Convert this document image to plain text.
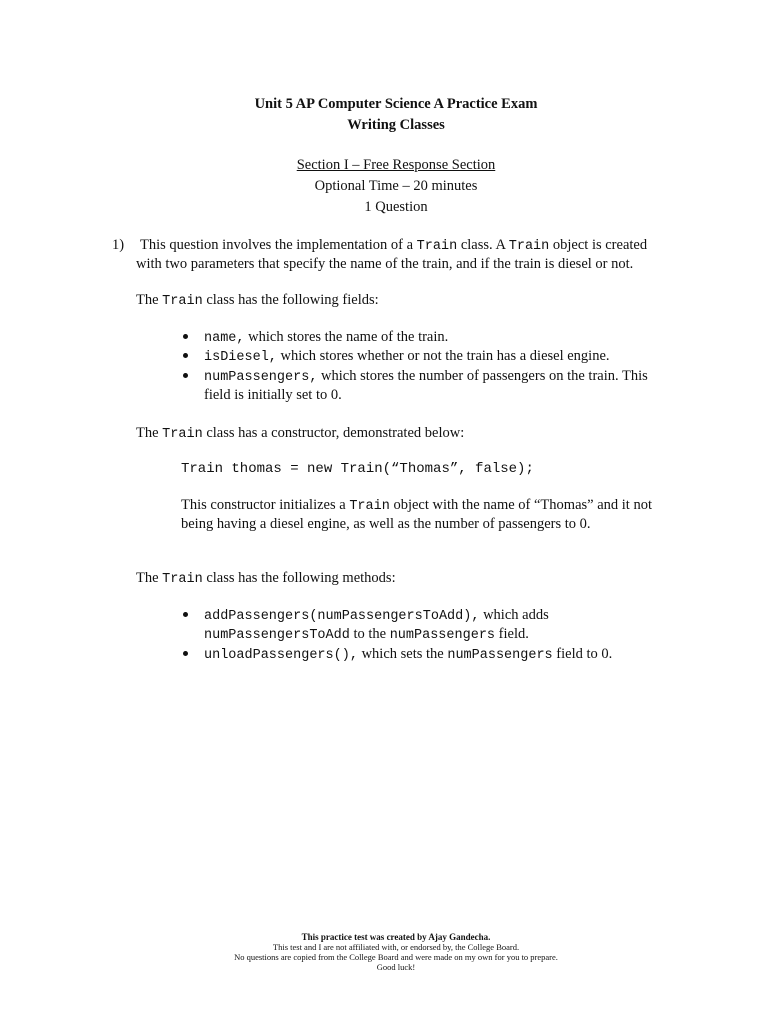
Unit 5 AP Computer Science A Practice Exam
Writing Classes
Section I – Free Response Section
Optional Time – 20 minutes
1 Question
1) This question involves the implementation of a Train class. A Train object is created
with two parameters that specify the name of the train, and if the train is diesel or not.
The Train class has the following fields:
name, which stores the name of the train.
isDiesel, which stores whether or not the train has a diesel engine.
numPassengers, which stores the number of passengers on the train. This
field is initially set to 0.
The Train class has a constructor, demonstrated below:
Train thomas = new Train(“Thomas”, false);
This constructor initializes a Train object with the name of “Thomas” and it not
being having a diesel engine, as well as the number of passengers to 0.
The Train class has the following methods:
addPassengers(numPassengersToAdd), which adds
numPassengersToAdd to the numPassengers field.
unloadPassengers(), which sets the numPassengers field to 0.
This practice test was created by Ajay Gandecha.
This test and I are not affiliated with, or endorsed by, the College Board.
No questions are copied from the College Board and were made on my own for you to prepare.
Good luck!
